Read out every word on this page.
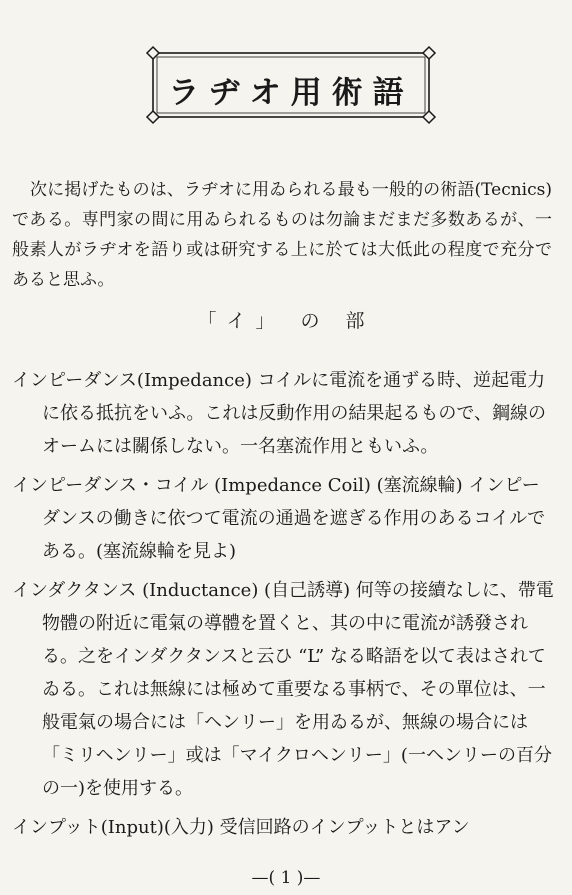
ラヂオ用術語

次に掲げたものは、ラヂオに用ゐられる最も一般的の術語(Tecnics) である。専門家の間に用ゐられるものは勿論まだまだ多数あるが、一般素人がラヂオを語り或は研究する上に於ては大低此の程度で充分であると思ふ。

「イ」 の 部
インピーダンス(Impedance) コイルに電流を通ずる時、逆起電力に依る抵抗をいふ。これは反動作用の結果起るもので、鋼線のオームには關係しない。一名塞流作用ともいふ。
インピーダンス・コイル (Impedance Coil) (塞流線輪) インピーダンスの働きに依つて電流の通過を遮ぎる作用のあるコイルである。(塞流線輪を見よ)
インダクタンス (Inductance) (自己誘導) 何等の接續なしに、帶電物體の附近に電氣の導體を置くと、其の中に電流が誘發される。之をインダクタンスと云ひ “L” なる略語を以て表はされてゐる。これは無線には極めて重要なる事柄で、その單位は、一般電氣の場合には「ヘンリー」を用ゐるが、無線の場合には「ミリヘンリー」或は「マイクロヘンリー」(一ヘンリーの百分の一)を使用する。
インプット(Input)(入力) 受信回路のインプットとはアン
—( 1 )—
